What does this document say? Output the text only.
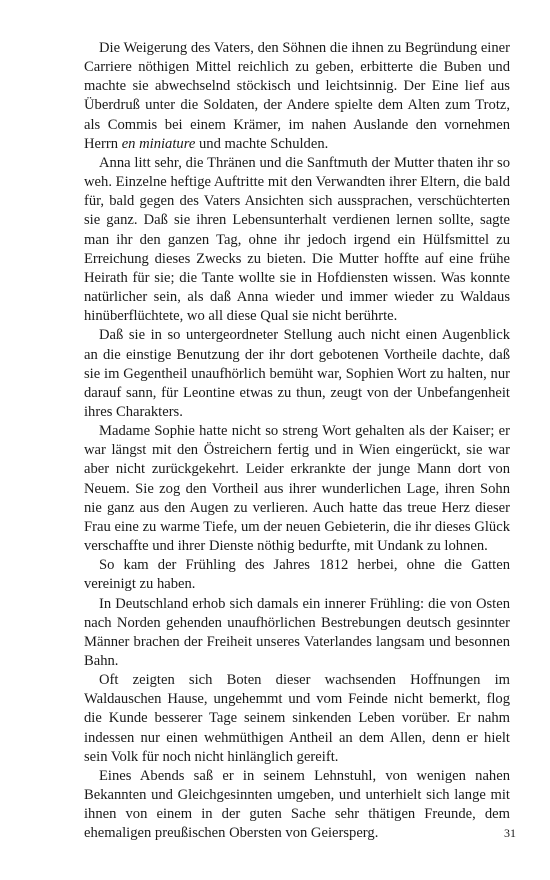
Die Weigerung des Vaters, den Söhnen die ihnen zu Begründung einer Carriere nöthigen Mittel reichlich zu geben, erbitterte die Buben und machte sie abwechselnd stöckisch und leichtsinnig. Der Eine lief aus Überdruß unter die Soldaten, der Andere spielte dem Alten zum Trotz, als Commis bei einem Krämer, im nahen Auslande den vornehmen Herrn en miniature und machte Schulden.

Anna litt sehr, die Thränen und die Sanftmuth der Mutter thaten ihr so weh. Einzelne heftige Auftritte mit den Verwandten ihrer Eltern, die bald für, bald gegen des Vaters Ansichten sich aussprachen, verschüchterten sie ganz. Daß sie ihren Lebensunterhalt verdienen lernen sollte, sagte man ihr den ganzen Tag, ohne ihr jedoch irgend ein Hülfsmittel zu Erreichung dieses Zwecks zu bieten. Die Mutter hoffte auf eine frühe Heirath für sie; die Tante wollte sie in Hofdiensten wissen. Was konnte natürlicher sein, als daß Anna wieder und immer wieder zu Waldaus hinüberflüchtete, wo all diese Qual sie nicht berührte.

Daß sie in so untergeordneter Stellung auch nicht einen Augenblick an die einstige Benutzung der ihr dort gebotenen Vortheile dachte, daß sie im Gegentheil unaufhörlich bemüht war, Sophien Wort zu halten, nur darauf sann, für Leontine etwas zu thun, zeugt von der Unbefangenheit ihres Charakters.

Madame Sophie hatte nicht so streng Wort gehalten als der Kaiser; er war längst mit den Östreichern fertig und in Wien eingerückt, sie war aber nicht zurückgekehrt. Leider erkrankte der junge Mann dort von Neuem. Sie zog den Vortheil aus ihrer wunderlichen Lage, ihren Sohn nie ganz aus den Augen zu verlieren. Auch hatte das treue Herz dieser Frau eine zu warme Tiefe, um der neuen Gebieterin, die ihr dieses Glück verschaffte und ihrer Dienste nöthig bedurfte, mit Undank zu lohnen.

So kam der Frühling des Jahres 1812 herbei, ohne die Gatten vereinigt zu haben.

In Deutschland erhob sich damals ein innerer Frühling: die von Osten nach Norden gehenden unaufhörlichen Bestrebungen deutsch gesinnter Männer brachen der Freiheit unseres Vaterlandes langsam und besonnen Bahn.

Oft zeigten sich Boten dieser wachsenden Hoffnungen im Waldauschen Hause, ungehemmt und vom Feinde nicht bemerkt, flog die Kunde besserer Tage seinem sinkenden Leben vorüber. Er nahm indessen nur einen wehmüthigen Antheil an dem Allen, denn er hielt sein Volk für noch nicht hinlänglich gereift.

Eines Abends saß er in seinem Lehnstuhl, von wenigen nahen Bekannten und Gleichgesinnten umgeben, und unterhielt sich lange mit ihnen von einem in der guten Sache sehr thätigen Freunde, dem ehemaligen preußischen Obersten von Geiersperg.	31
